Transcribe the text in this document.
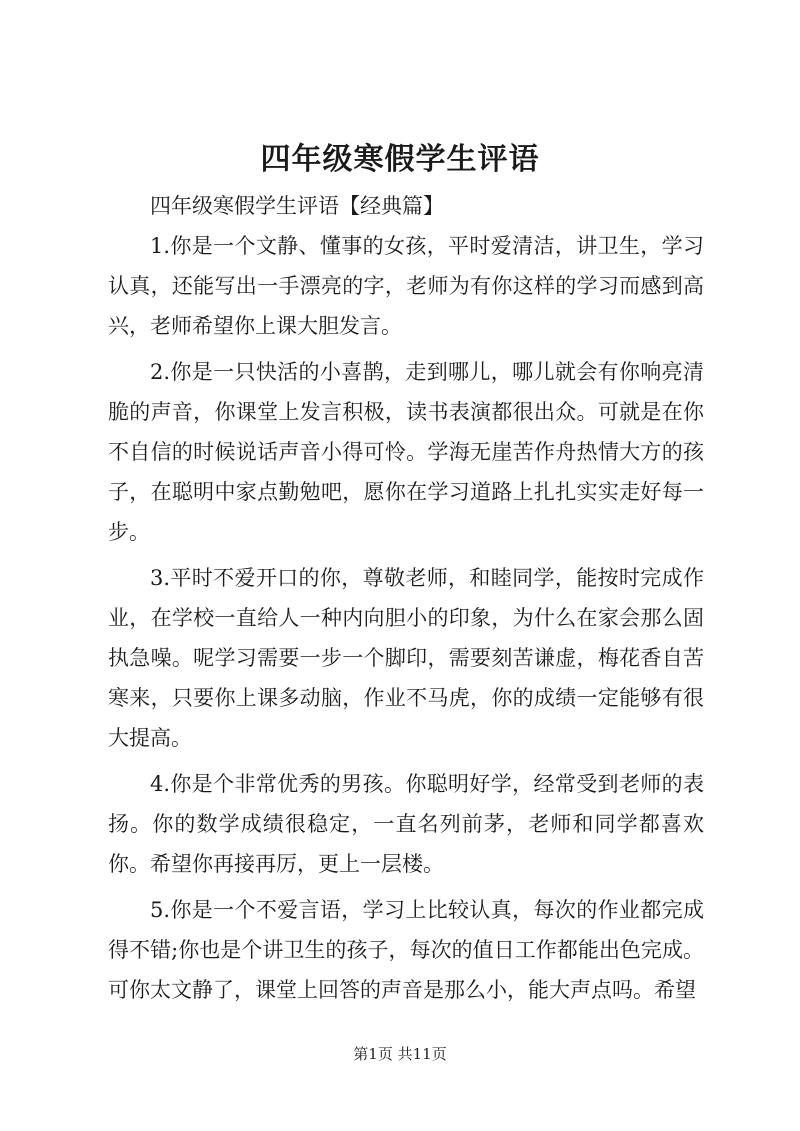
四年级寒假学生评语

四年级寒假学生评语【经典篇】

1.你是一个文静、懂事的女孩，平时爱清洁，讲卫生，学习认真，还能写出一手漂亮的字，老师为有你这样的学习而感到高兴，老师希望你上课大胆发言。

2.你是一只快活的小喜鹊，走到哪儿，哪儿就会有你响亮清脆的声音，你课堂上发言积极，读书表演都很出众。可就是在你不自信的时候说话声音小得可怜。学海无崖苦作舟热情大方的孩子，在聪明中家点勤勉吧，愿你在学习道路上扎扎实实走好每一步。

3.平时不爱开口的你，尊敬老师，和睦同学，能按时完成作业，在学校一直给人一种内向胆小的印象，为什么在家会那么固执急噪。呢学习需要一步一个脚印，需要刻苦谦虚，梅花香自苦寒来，只要你上课多动脑，作业不马虎，你的成绩一定能够有很大提高。

4.你是个非常优秀的男孩。你聪明好学，经常受到老师的表扬。你的数学成绩很稳定，一直名列前茅，老师和同学都喜欢你。希望你再接再厉，更上一层楼。

5.你是一个不爱言语，学习上比较认真，每次的作业都完成得不错;你也是个讲卫生的孩子，每次的值日工作都能出色完成。可你太文静了，课堂上回答的声音是那么小，能大声点吗。希望

第1页 共11页
